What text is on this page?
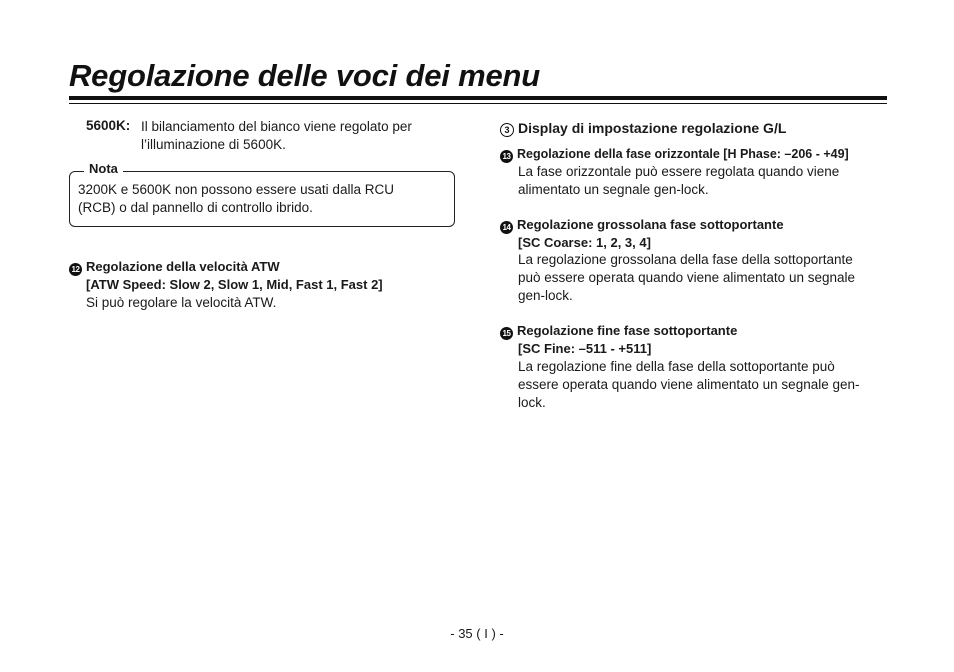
Regolazione delle voci dei menu
5600K: Il bilanciamento del bianco viene regolato per
l’illuminazione di 5600K.
Nota
3200K e 5600K non possono essere usati dalla RCU
(RCB) o dal pannello di controllo ibrido.
12 Regolazione della velocità ATW
[ATW Speed: Slow 2, Slow 1, Mid, Fast 1, Fast 2]
Si può regolare la velocità ATW.
3 Display di impostazione regolazione G/L
13 Regolazione della fase orizzontale [H Phase: –206 - +49]
La fase orizzontale può essere regolata quando viene
alimentato un segnale gen-lock.
14 Regolazione grossolana fase sottoportante
[SC Coarse: 1, 2, 3, 4]
La regolazione grossolana della fase della sottoportante
può essere operata quando viene alimentato un segnale
gen-lock.
15 Regolazione fine fase sottoportante
[SC Fine: –511 - +511]
La regolazione fine della fase della sottoportante può
essere operata quando viene alimentato un segnale gen-
lock.
- 35 ( I ) -
